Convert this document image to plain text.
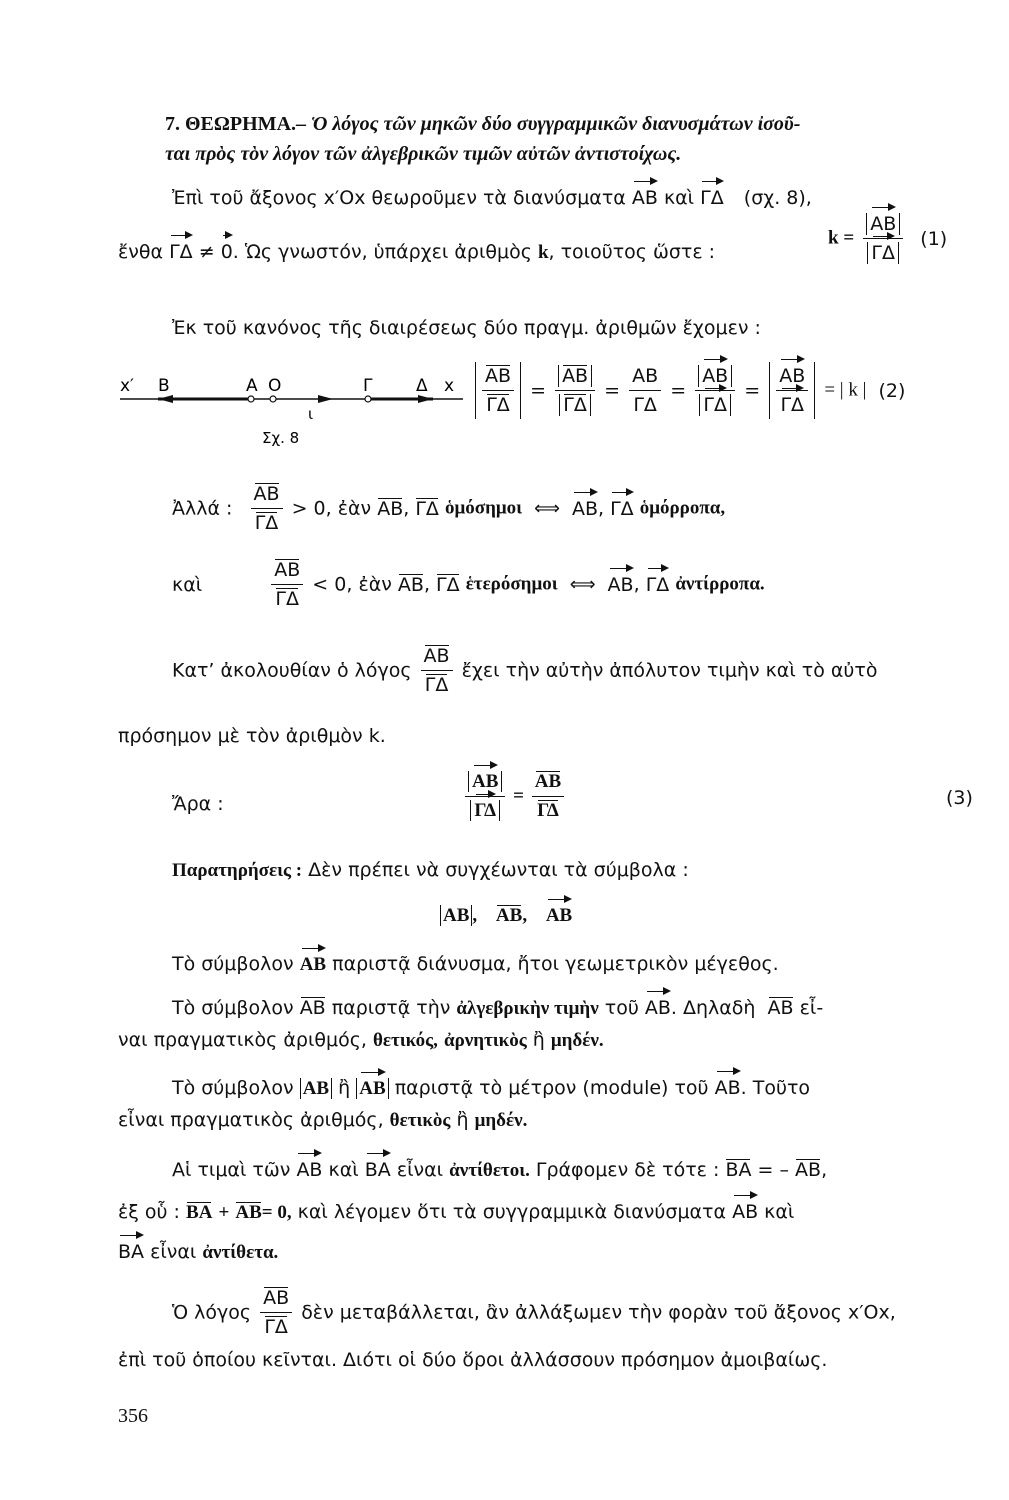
7. ΘΕΩΡΗΜΑ.– Ὁ λόγος τῶν μηκῶν δύο συγγραμμικῶν διανυσμάτων ἰσοῦ-
ται πρὸς τὸν λόγον τῶν ἀλγεβρικῶν τιμῶν αὐτῶν ἀντιστοίχως.
Ἐπὶ τοῦ ἄξονος x′Ox θεωροῦμεν τὰ διανύσματα AB καὶ ΓΔ (σχ. 8),
ἔνθα ΓΔ ≠ 0. Ὡς γνωστόν, ὑπάρχει ἀριθμὸς k, τοιοῦτος ὥστε :
$k = \frac{AB}{\Gamma\Delta} (1)$
Ἐκ τοῦ κανόνος τῆς διαιρέσεως δύο πραγμ. ἀριθμῶν ἔχομεν :
x′ B	A O	Γ	Δ x
ι
Σχ. 8
$\frac{AB}{\Gamma\Delta} = \frac{AB}{\Gamma\Delta} = \frac{AB}{\Gamma\Delta} = \frac{AB}{\Gamma\Delta} = \frac{AB}{\Gamma\Delta}$ = | k | (2)
Ἀλλά : $\frac{AB}{\Gamma\Delta} > 0$, ἐὰν AB, ΓΔ ὁμόσημοι ⟺ AB, ΓΔ ὁμόρροπα,
καὶ	$\frac{AB}{\Gamma\Delta} < 0$, ἐὰν AB, ΓΔ ἑτερόσημοι ⟺ AB, ΓΔ ἀντίρροπα.
Κατ’ ἀκολουθίαν ὁ λόγος $\frac{AB}{\Gamma\Delta}$ ἔχει τὴν αὐτὴν ἀπόλυτον τιμὴν καὶ τὸ αὐτὸ
πρόσημον μὲ τὸν ἀριθμὸν k.
Ἄρα :	$\frac{AB}{\Gamma\Delta} = \frac{AB}{\Gamma\Delta}$	(3)
Παρατηρήσεις : Δὲν πρέπει νὰ συγχέωνται τὰ σύμβολα :
AB , AB, AB
Τὸ σύμβολον AB παριστᾷ διάνυσμα, ἤτοι γεωμετρικὸν μέγεθος.
Τὸ σύμβολον AB παριστᾷ τὴν ἀλγεβρικὴν τιμὴν τοῦ AB. Δηλαδὴ AB εἶ-
ναι πραγματικὸς ἀριθμός, θετικός, ἀρνητικὸς ἢ μηδέν.
Τὸ σύμβολον AB ἢ AB παριστᾷ τὸ μέτρον (module) τοῦ AB. Τοῦτο
εἶναι πραγματικὸς ἀριθμός, θετικὸς ἢ μηδέν.
Αἱ τιμαὶ τῶν AB καὶ BA εἶναι ἀντίθετοι. Γράφομεν δὲ τότε : BA = – AB,
ἐξ οὗ : BA + AB= 0, καὶ λέγομεν ὅτι τὰ συγγραμμικὰ διανύσματα AB καὶ
BA εἶναι ἀντίθετα.
Ὁ λόγος $\frac{AB}{\Gamma\Delta}$ δὲν μεταβάλλεται, ἂν ἀλλάξωμεν τὴν φορὰν τοῦ ἄξονος x′Ox,
ἐπὶ τοῦ ὁποίου κεῖνται. Διότι οἱ δύο ὅροι ἀλλάσσουν πρόσημον ἀμοιβαίως.
356
